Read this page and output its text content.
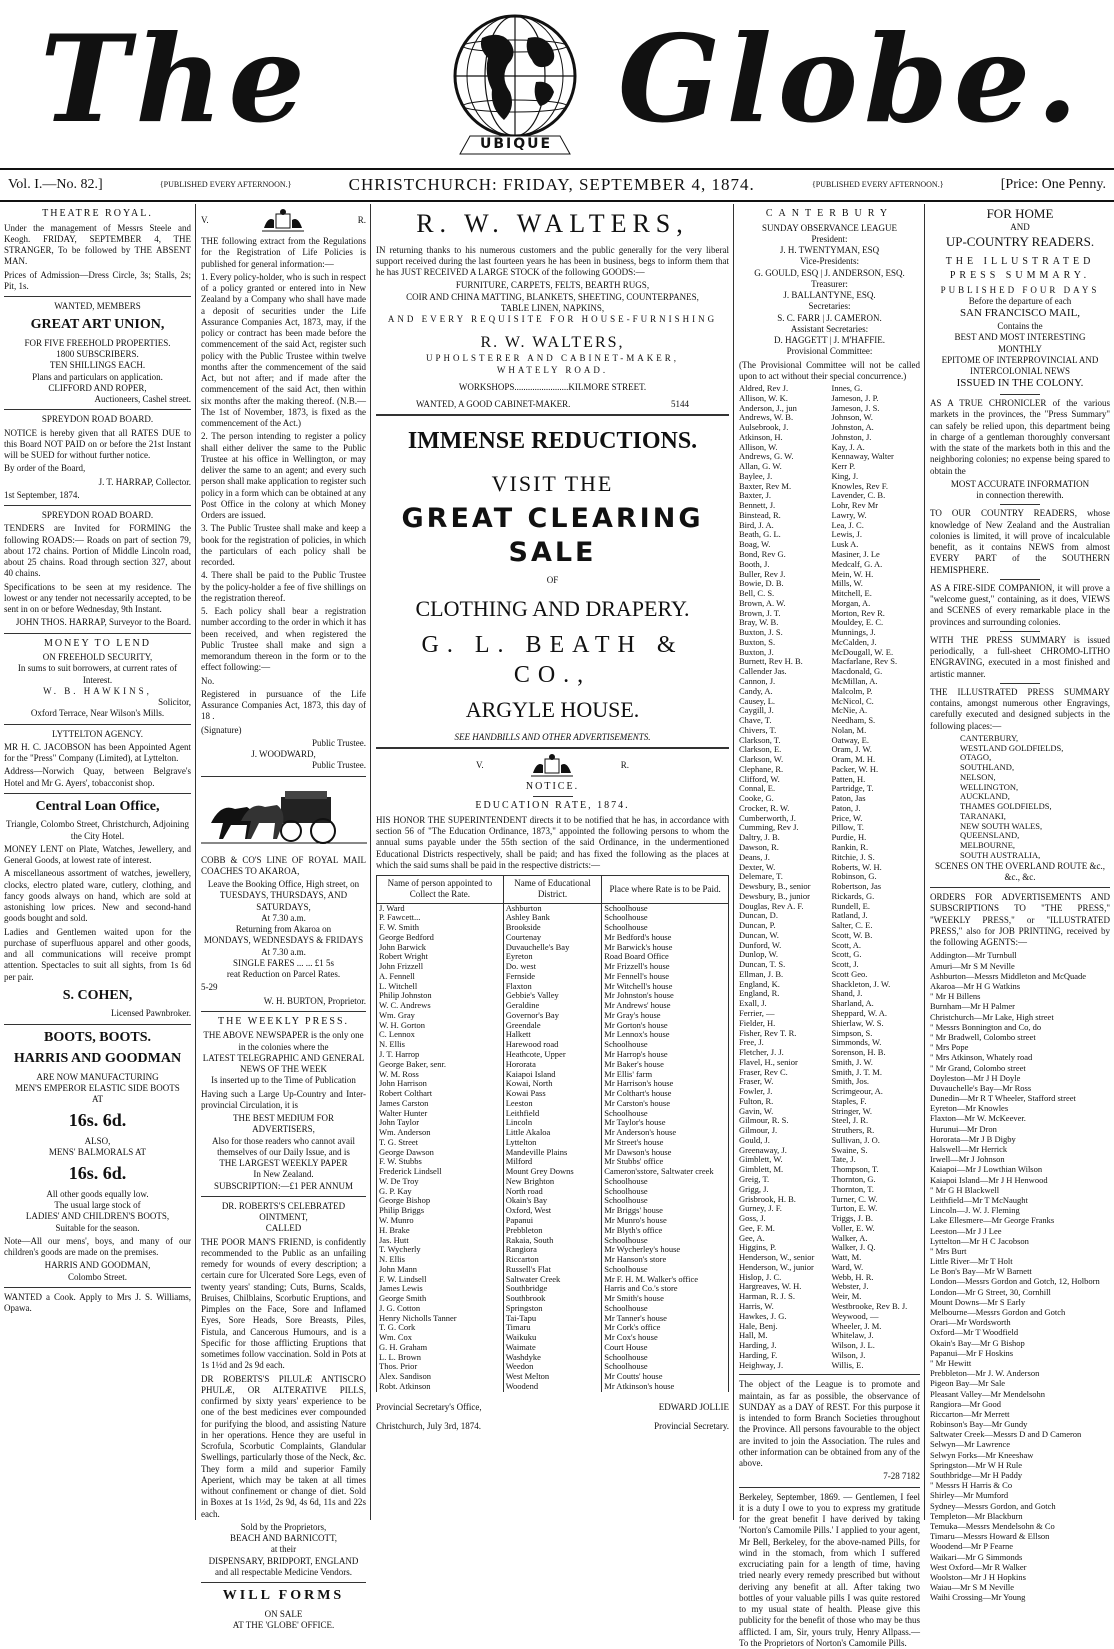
The	UBIQUE Globe.
Vol. I.—No. 82.]	{PUBLISHED EVERY AFTERNOON.}	CHRISTCHURCH: FRIDAY, SEPTEMBER 4, 1874.	{PUBLISHED EVERY AFTERNOON.}	[Price: One Penny.
THEATRE ROYAL.
Under the management of Messrs Steele and Keogh. FRIDAY, SEPTEMBER 4, THE STRANGER, To be followed by THE ABSENT MAN.
Prices of Admission—Dress Circle, 3s; Stalls, 2s; Pit, 1s.
WANTED, MEMBERS
GREAT ART UNION,
FOR FIVE FREEHOLD PROPERTIES.
1800 SUBSCRIBERS.
TEN SHILLINGS EACH.
Plans and particulars on application.
CLIFFORD AND ROPER,
Auctioneers, Cashel street.
SPREYDON ROAD BOARD.
NOTICE is hereby given that all RATES DUE to this Board NOT PAID on or before the 21st Instant will be SUED for without further notice.
By order of the Board,
J. T. HARRAP, Collector.
1st September, 1874.
SPREYDON ROAD BOARD.
TENDERS are Invited for FORMING the following ROADS:— Roads on part of section 79, about 172 chains. Portion of Middle Lincoln road, about 25 chains. Road through section 327, about 40 chains.
Specifications to be seen at my residence. The lowest or any tender not necessarily accepted, to be sent in on or before Wednesday, 9th Instant.
JOHN THOS. HARRAP, Surveyor to the Board.
MONEY TO LEND
ON FREEHOLD SECURITY,
In sums to suit borrowers, at current rates of Interest.
W. B. HAWKINS,
Solicitor,
Oxford Terrace, Near Wilson's Mills.
LYTTELTON AGENCY.
MR H. C. JACOBSON has been Appointed Agent for the "Press" Company (Limited), at Lyttelton.
Address—Norwich Quay, between Belgrave's Hotel and Mr G. Ayers', tobacconist shop.
Central Loan Office,
Triangle, Colombo Street, Christchurch, Adjoining the City Hotel.
MONEY LENT on Plate, Watches, Jewellery, and General Goods, at lowest rate of interest.
A miscellaneous assortment of watches, jewellery, clocks, electro plated ware, cutlery, clothing, and fancy goods always on hand, which are sold at astonishing low prices. New and second-hand goods bought and sold.
Ladies and Gentlemen waited upon for the purchase of superfluous apparel and other goods, and all communications will receive prompt attention. Spectacles to suit all sights, from 1s 6d per pair.
S. COHEN,
Licensed Pawnbroker.
BOOTS, BOOTS.
HARRIS AND GOODMAN
ARE NOW MANUFACTURING
MEN'S EMPEROR ELASTIC SIDE BOOTS
AT
16s. 6d.
ALSO,
MENS' BALMORALS AT
16s. 6d.
All other goods equally low.
The usual large stock of
LADIES' AND CHILDREN'S BOOTS,
Suitable for the season.
Note—All our mens', boys, and many of our children's goods are made on the premises.
HARRIS AND GOODMAN,
Colombo Street.
WANTED a Cook. Apply to Mrs J. S. Williams, Opawa.
V.	R.
THE following extract from the Regulations for the Registration of Life Policies is published for general information:—
1. Every policy-holder, who is such in respect of a policy granted or entered into in New Zealand by a Company who shall have made a deposit of securities under the Life Assurance Companies Act, 1873, may, if the policy or contract has been made before the commencement of the said Act, register such policy with the Public Trustee within twelve months after the commencement of the said Act, but not after; and if made after the commencement of the said Act, then within six months after the making thereof. (N.B.—The 1st of November, 1873, is fixed as the commencement of the Act.)
2. The person intending to register a policy shall either deliver the same to the Public Trustee at his office in Wellington, or may deliver the same to an agent; and every such person shall make application to register such policy in a form which can be obtained at any Post Office in the colony at which Money Orders are issued.
3. The Public Trustee shall make and keep a book for the registration of policies, in which the particulars of each policy shall be recorded.
4. There shall be paid to the Public Trustee by the policy-holder a fee of five shillings on the registration thereof.
5. Each policy shall bear a registration number according to the order in which it has been received, and when registered the Public Trustee shall make and sign a memorandum thereon in the form or to the effect following:—
No.
Registered in pursuance of the Life Assurance Companies Act, 1873, this day of 18 .
(Signature)
Public Trustee.
J. WOODWARD,
Public Trustee.
COBB & CO'S LINE OF ROYAL MAIL COACHES TO AKAROA,
Leave the Booking Office, High street, on
TUESDAYS, THURSDAYS, AND SATURDAYS,
At 7.30 a.m.
Returning from Akaroa on
MONDAYS, WEDNESDAYS & FRIDAYS
At 7.30 a.m.
SINGLE FARES ... ... £1 5s
reat Reduction on Parcel Rates.
5-29
W. H. BURTON, Proprietor.
THE WEEKLY PRESS.
THE ABOVE NEWSPAPER is the only one in the colonies where the
LATEST TELEGRAPHIC AND GENERAL NEWS OF THE WEEK
Is inserted up to the Time of Publication
Having such a Large Up-Country and Inter-provincial Circulation, it is
THE BEST MEDIUM FOR ADVERTISERS,
Also for those readers who cannot avail themselves of our Daily Issue, and is
THE LARGEST WEEKLY PAPER
In New Zealand.
SUBSCRIPTION:—£1 PER ANNUM
DR. ROBERTS'S CELEBRATED OINTMENT,
CALLED
THE POOR MAN'S FRIEND, is confidently recommended to the Public as an unfailing remedy for wounds of every description; a certain cure for Ulcerated Sore Legs, even of twenty years' standing; Cuts, Burns, Scalds, Bruises, Chilblains, Scorbutic Eruptions, and Pimples on the Face, Sore and Inflamed Eyes, Sore Heads, Sore Breasts, Piles, Fistula, and Cancerous Humours, and is a Specific for those afflicting Eruptions that sometimes follow vaccination. Sold in Pots at 1s 1½d and 2s 9d each.
DR ROBERTS'S PILULÆ ANTISCRO PHULÆ, OR ALTERATIVE PILLS, confirmed by sixty years' experience to be one of the best medicines ever compounded for purifying the blood, and assisting Nature in her operations. Hence they are useful in Scrofula, Scorbutic Complaints, Glandular Swellings, particularly those of the Neck, &c. They form a mild and superior Family Aperient, which may be taken at all times without confinement or change of diet. Sold in Boxes at 1s 1½d, 2s 9d, 4s 6d, 11s and 22s each.
Sold by the Proprietors,
BEACH AND BARNICOTT,
at their
DISPENSARY, BRIDPORT, ENGLAND
and all respectable Medicine Vendors.
WILL FORMS
ON SALE
AT THE 'GLOBE' OFFICE.
R. W. WALTERS,
IN returning thanks to his numerous customers and the public generally for the very liberal support received during the last fourteen years he has been in business, begs to inform them that he has JUST RECEIVED A LARGE STOCK of the following GOODS:—
FURNITURE, CARPETS, FELTS, BEARTH RUGS,
COIR AND CHINA MATTING, BLANKETS, SHEETING, COUNTERPANES,
TABLE LINEN, NAPKINS,
AND EVERY REQUISITE FOR HOUSE-FURNISHING
R. W. WALTERS,
UPHOLSTERER AND CABINET-MAKER,
WHATELY ROAD.
WORKSHOPS........................KILMORE STREET.
WANTED, A GOOD CABINET-MAKER.	5144
IMMENSE REDUCTIONS.
VISIT THE
GREAT CLEARING SALE
OF
CLOTHING AND DRAPERY.
G. L. BEATH & CO.,
ARGYLE HOUSE.
SEE HANDBILLS AND OTHER ADVERTISEMENTS.
V.	R.
NOTICE.
EDUCATION RATE, 1874.
HIS HONOR THE SUPERINTENDENT directs it to be notified that he has, in accordance with section 56 of "The Education Ordinance, 1873," appointed the following persons to whom the annual sums payable under the 55th section of the said Ordinance, in the undermentioned Educational Districts respectively, shall be paid; and has fixed the following as the places at which the said sums shall be paid in the respective districts:—
Name of person appointed to Collect the Rate.	Name of Educational District.	Place where Rate is to be Paid.
J. Ward	Ashburton	Schoolhouse
P. Fawcett...	Ashley Bank	Schoolhouse
F. W. Smith	Brookside	Schoolhouse
George Bedford	Courtenay	Mr Bedford's house
John Barwick	Duvauchelle's Bay	Mr Barwick's house
Robert Wright	Eyreton	Road Board Office
John Frizzell	Do. west	Mr Frizzell's house
A. Fennell	Fernside	Mr Fennell's house
L. Witchell	Flaxton	Mr Witchell's house
Philip Johnston	Gebbie's Valley	Mr Johnston's house
W. C. Andrews	Geraldine	Mr Andrews' house
Wm. Gray	Governor's Bay	Mr Gray's house
W. H. Gorton	Greendale	Mr Gorton's house
C. Lennox	Halkett	Mr Lennox's house
N. Ellis	Harewood road	Schoolhouse
J. T. Harrop	Heathcote, Upper	Mr Harrop's house
George Baker, senr.	Hororata	Mr Baker's house
W. M. Ross	Kaiapoi Island	Mr Ellis' farm
John Harrison	Kowai, North	Mr Harrison's house
Robert Colthart	Kowai Pass	Mr Colthart's house
James Carston	Leeston	Mr Carston's house
Walter Hunter	Leithfield	Schoolhouse
John Taylor	Lincoln	Mr Taylor's house
Wm. Anderson	Little Akaloa	Mr Anderson's house
T. G. Street	Lyttelton	Mr Street's house
George Dawson	Mandeville Plains	Mr Dawson's house
F. W. Stubbs	Milford	Mr Stubbs' office
Frederick Lindsell	Mount Grey Downs	Cameron'sstore, Saltwater creek
W. De Troy	New Brighton	Schoolhouse
G. P. Kay	North road	Schoolhouse
George Bishop	Okain's Bay	Schoolhouse
Philip Briggs	Oxford, West	Mr Briggs' house
W. Munro	Papanui	Mr Munro's house
H. Brake	Prebbleton	Mr Blyth's office
Jas. Hutt	Rakaia, South	Schoolhouse
T. Wycherly	Rangiora	Mr Wycherley's house
N. Ellis	Riccarton	Mr Hanson's store
John Mann	Russell's Flat	Schoolhouse
F. W. Lindsell	Saltwater Creek	Mr F. H. M. Walker's office
James Lewis	Southbridge	Harris and Co.'s store
George Smith	Southbrook	Mr Smith's house
J. G. Cotton	Springston	Schoolhouse
Henry Nicholls Tanner	Tai-Tapu	Mr Tanner's house
T. G. Cork	Timaru	Mr Cork's office
Wm. Cox	Waikuku	Mr Cox's house
G. H. Graham	Waimate	Court House
L. L. Brown	Washdyke	Schoolhouse
Thos. Prior	Weedon	Schoolhouse
Alex. Sandison	West Melton	Mr Coutts' house
Robt. Atkinson	Woodend	Mr Atkinson's house
Provincial Secretary's Office,	EDWARD JOLLIE
Christchurch, July 3rd, 1874.	Provincial Secretary.
CANTERBURY
SUNDAY OBSERVANCE LEAGUE
President:
J. H. TWENTYMAN, ESQ
Vice-Presidents:
G. GOULD, ESQ | J. ANDERSON, ESQ.
Treasurer:
J. BALLANTYNE, ESQ.
Secretaries:
S. C. FARR | J. CAMERON.
Assistant Secretaries:
D. HAGGETT | J. M'HAFFIE.
Provisional Committee:
(The Provisional Committee will not be called upon to act without their special concurrence.)
Aldred, Rev J.	Innes, G.
Allison, W. K.	Jameson, J. P.
Anderson, J., jun	Jameson, J. S.
Andrews, W. B.	Johnson, W.
Aulsebrook, J.	Johnston, A.
Atkinson, H.	Johnston, J.
Allison, W.	Kay, J. A.
Andrews, G. W.	Kennaway, Walter
Allan, G. W.	Kerr P.
Baylee, J.	King, J.
Baxter, Rev M.	Knowles, Rev F.
Baxter, J.	Lavender, C. B.
Bennett, J.	Lohr, Rev Mr
Binstead, R.	Lawry, W.
Bird, J. A.	Lea, J. C.
Beath, G. L.	Lewis, J.
Boag, W.	Lusk A.
Bond, Rev G.	Masiner, J. Le
Booth, J.	Medcalf, G. A.
Buller, Rev J.	Mein, W. H.
Bowie, D. B.	Mills, W.
Bell, C. S.	Mitchell, E.
Brown, A. W.	Morgan, A.
Brown, J. T.	Morton, Rev R.
Bray, W. B.	Mouldey, E. C.
Buxton, J. S.	Munnings, J.
Buxton, S.	McCalden, J.
Buxton, J.	McDougall, W. E.
Burnett, Rev H. B.	Macfarlane, Rev S.
Callender Jas.	Macdonald, G.
Cannon, J.	McMillan, A.
Candy, A.	Malcolm, P.
Causey, L.	McNicol, C.
Caygill, J.	McNie, A.
Chave, T.	Needham, S.
Chivers, T.	Nolan, M.
Clarkson, T.	Oatway, E.
Clarkson, E.	Oram, J. W.
Clarkson, W.	Oram, M. H.
Clephane, R.	Packer, W. H.
Clifford, W.	Patten, H.
Connal, E.	Partridge, T.
Cooke, G.	Paton, Jas
Crocker, R. W.	Paton, J.
Cumberworth, J.	Price, W.
Cumming, Rev J.	Pillow, T.
Daltry, J. B.	Purdie, H.
Dawson, R.	Rankin, R.
Deans, J.	Ritchie, J. S.
Dexter, W.	Roberts, W. H.
Delemare, T.	Robinson, G.
Dewsbury, B., senior	Robertson, Jas
Dewsbury, B., junior	Rickards, G.
Douglas, Rev A. F.	Rundell, E.
Duncan, D.	Ratland, J.
Duncan, P.	Salter, C. E.
Duncan, W.	Scott, W. B.
Dunford, W.	Scott, A.
Dunlop, W.	Scott, G.
Duncan, T. S.	Scott, J.
Ellman, J. B.	Scott Geo.
England, K.	Shackleton, J. W.
England, R.	Shand, J.
Exall, J.	Sharland, A.
Ferrier, —	Sheppard, W. A.
Fielder, H.	Shierlaw, W. S.
Fisher, Rev T. R.	Simpson, S.
Free, J.	Simmonds, W.
Fletcher, J. J.	Sorenson, H. B.
Flavel, H., senior	Smith, J. W.
Fraser, Rev C.	Smith, J. T. M.
Fraser, W.	Smith, Jos.
Fowler, J.	Scrimgeour, A.
Fulton, R.	Staples, F.
Gavin, W.	Stringer, W.
Gilmour, R. S.	Steel, J. R.
Gilmour, J.	Struthers, R.
Gould, J.	Sullivan, J. O.
Greenaway, J.	Swaine, S.
Gimblett, W.	Tate, J.
Gimblett, M.	Thompson, T.
Greig, T.	Thornton, G.
Grigg, J.	Thornton, T.
Grisbrook, H. B.	Turner, C. W.
Gurney, J. F.	Turton, E. W.
Goss, J.	Triggs, J. B.
Gee, F. M.	Voller, E. W.
Gee, A.	Walker, A.
Higgins, P.	Walker, J. Q.
Henderson, W., senior	Watt, M.
Henderson, W., junior	Ward, W.
Hislop, J. C.	Webb, H. R.
Hargreaves, W. H.	Webster, J.
Harman, R. J. S.	Weir, M.
Harris, W.	Westbrooke, Rev B. J.
Hawkes, J. G.	Weywood, —
Hale, Benj.	Wheeler, J. M.
Hall, M.	Whitelaw, J.
Harding, J.	Wilson, J. L.
Harding, F.	Wilson, J.
Heighway, J.	Willis, E.
The object of the League is to promote and maintain, as far as possible, the observance of SUNDAY as a DAY of REST. For this purpose it is intended to form Branch Societies throughout the Province. All persons favourable to the object are invited to join the Association. The rules and other information can be obtained from any of the above.
7-28 7182
Berkeley, September, 1869. — Gentlemen, I feel it is a duty I owe to you to express my gratitude for the great benefit I have derived by taking 'Norton's Camomile Pills.' I applied to your agent, Mr Bell, Berkeley, for the above-named Pills, for wind in the stomach, from which I suffered excruciating pain for a length of time, having tried nearly every remedy prescribed but without deriving any benefit at all. After taking two bottles of your valuable pills I was quite restored to my usual state of health. Please give this publicity for the benefit of those who may be thus afflicted. I am, Sir, yours truly, Henry Allpass.—To the Proprietors of Norton's Camomile Pills.
FOR HOME
AND
UP-COUNTRY READERS.
THE ILLUSTRATED
PRESS SUMMARY.
PUBLISHED FOUR DAYS
Before the departure of each
SAN FRANCISCO MAIL,
Contains the
BEST AND MOST INTERESTING
MONTHLY
EPITOME OF INTERPROVINCIAL AND
INTERCOLONIAL NEWS
ISSUED IN THE COLONY.
AS A TRUE CHRONICLER of the various markets in the provinces, the "Press Summary" can safely be relied upon, this department being in charge of a gentleman thoroughly conversant with the state of the markets both in this and the neighboring colonies; no expense being spared to obtain the
MOST ACCURATE INFORMATION
in connection therewith.
TO OUR COUNTRY READERS, whose knowledge of New Zealand and the Australian colonies is limited, it will prove of incalculable benefit, as it contains NEWS from almost EVERY PART of the SOUTHERN HEMISPHERE.
AS A FIRE-SIDE COMPANION, it will prove a "welcome guest," containing, as it does, VIEWS and SCENES of every remarkable place in the provinces and surrounding colonies.
WITH THE PRESS SUMMARY is issued periodically, a full-sheet CHROMO-LITHO ENGRAVING, executed in a most finished and artistic manner.
THE ILLUSTRATED PRESS SUMMARY contains, amongst numerous other Engravings, carefully executed and designed subjects in the following places:—
CANTERBURY,
WESTLAND GOLDFIELDS,
OTAGO,
SOUTHLAND,
NELSON,
WELLINGTON,
AUCKLAND,
THAMES GOLDFIELDS,
TARANAKI,
NEW SOUTH WALES,
QUEENSLAND,
MELBOURNE,
SOUTH AUSTRALIA,
SCENES ON THE OVERLAND ROUTE &c., &c., &c.
ORDERS FOR ADVERTISEMENTS AND SUBSCRIPTIONS TO "THE PRESS," "WEEKLY PRESS," or "ILLUSTRATED PRESS," also for JOB PRINTING, received by the following AGENTS:—
Addington—Mr Turnbull
Amuri—Mr S M Neville
Ashburton—Messrs Middleton and McQuade
Akaroa—Mr H G Watkins
" Mr H Billens
Burnham—Mr H Palmer
Christchurch—Mr Lake, High street
" Messrs Bonnington and Co, do
" Mr Bradwell, Colombo street
" Mrs Pope
" Mrs Atkinson, Whately road
" Mr Grand, Colombo street
Doyleston—Mr J H Doyle
Duvauchelle's Bay—Mr Ross
Dunedin—Mr R T Wheeler, Stafford street
Eyreton—Mr Knowles
Flaxton—Mr W. McKeever.
Hurunui—Mr Dron
Hororata—Mr J B Digby
Halswell—Mr Herrick
Irwell—Mr J Johnson
Kaiapoi—Mr J Lowthian Wilson
Kaiapoi Island—Mr J H Henwood
" Mr G H Blackwell
Leithfield—Mr T McNaught
Lincoln—J. W. J. Fleming
Lake Ellesmere—Mr George Franks
Leeston—Mr J J Lee
Lyttelton—Mr H C Jacobson
" Mrs Burt
Little River—Mr T Holt
Le Bon's Bay—Mr W Barnett
London—Messrs Gordon and Gotch, 12, Holborn
London—Mr G Street, 30, Cornhill
Mount Downs—Mr S Early
Melbourne—Messrs Gordon and Gotch
Orari—Mr Wordsworth
Oxford—Mr T Woodfield
Okain's Bay—Mr G Bishop
Papanui—Mr F Hoskins
" Mr Hewitt
Prebbleton—Mr J. W. Anderson
Pigeon Bay—Mr Sale
Pleasant Valley—Mr Mendelsohn
Rangiora—Mr Good
Riccarton—Mr Merrett
Robinson's Bay—Mr Gundy
Saltwater Creek—Messrs D and D Cameron
Selwyn—Mr Lawrence
Selwyn Forks—Mr Kneeshaw
Springston—Mr W H Rule
Southbridge—Mr H Paddy
" Messrs H Harris & Co
Shirley—Mr Mumford
Sydney—Messrs Gordon, and Gotch
Templeton—Mr Blackburn
Temuka—Messrs Mendelsohn & Co
Timaru—Messrs Howard & Ellson
Woodend—Mr P Fearne
Waikari—Mr G Simmonds
West Oxford—Mr R Walker
Woolston—Mr J H Hopkins
Waiau—Mr S M Neville
Waihi Crossing—Mr Young
